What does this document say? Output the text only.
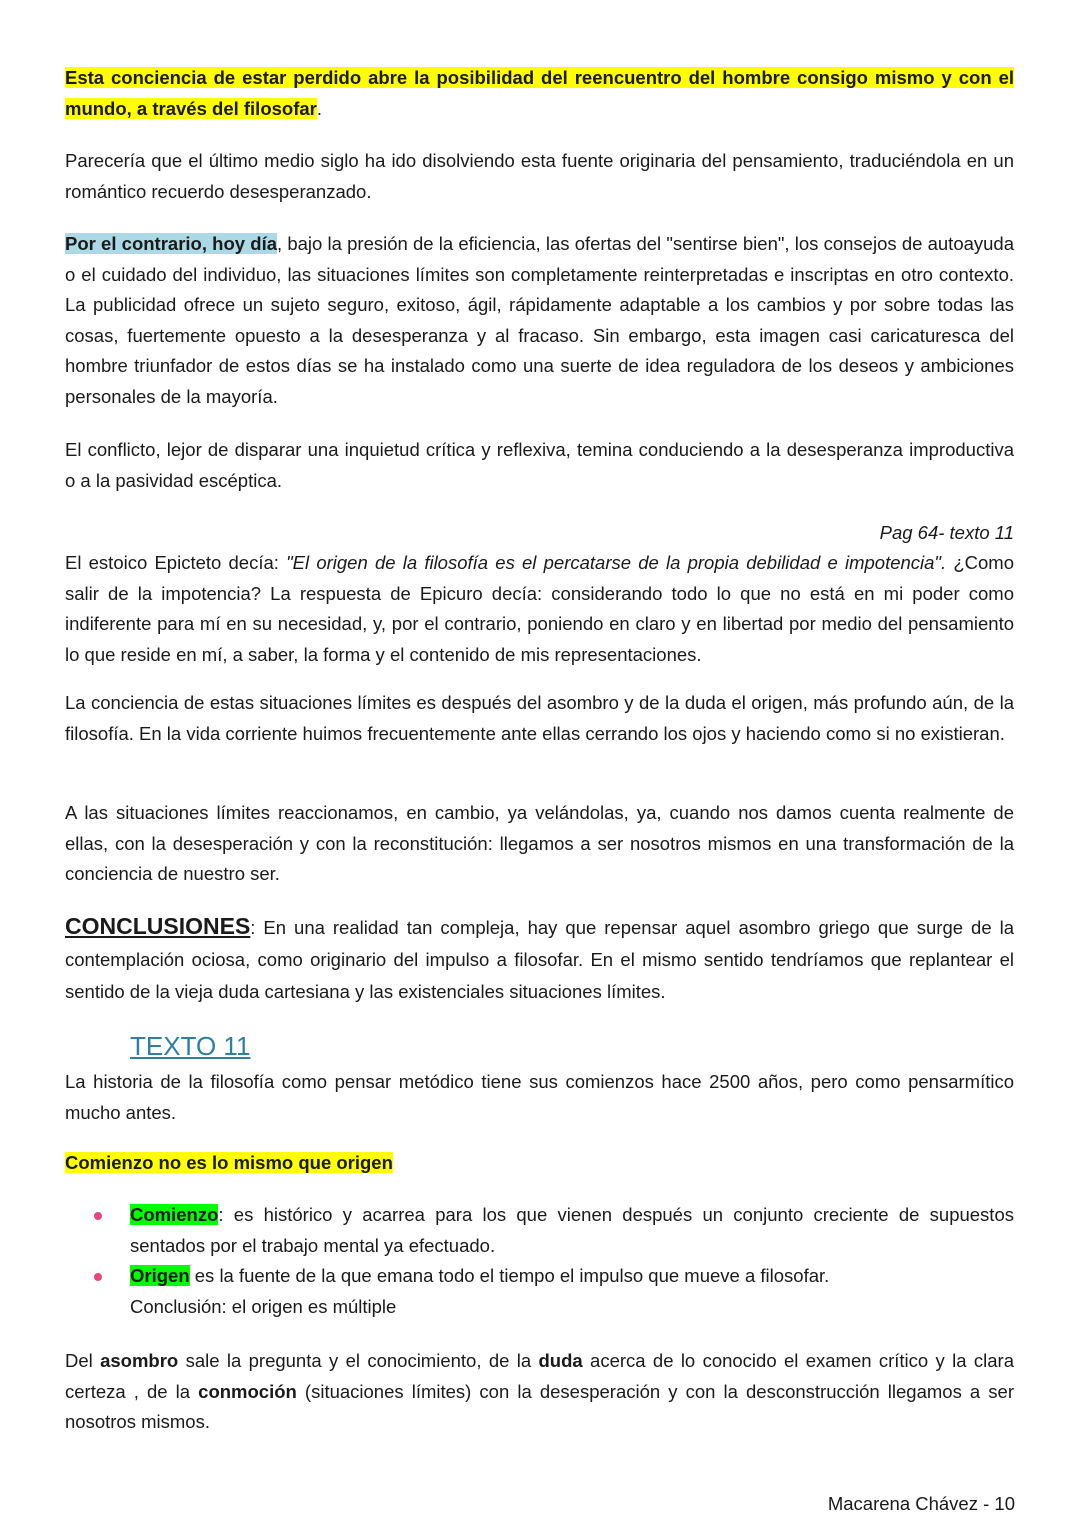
Esta conciencia de estar perdido abre la posibilidad del reencuentro del hombre consigo mismo y con el mundo, a través del filosofar.

Parecería que el último medio siglo ha ido disolviendo esta fuente originaria del pensamiento, traduciéndola en un romántico recuerdo desesperanzado.

Por el contrario, hoy día, bajo la presión de la eficiencia, las ofertas del "sentirse bien", los consejos de autoayuda o el cuidado del individuo, las situaciones límites son completamente reinterpretadas e inscriptas en otro contexto. La publicidad ofrece un sujeto seguro, exitoso, ágil, rápidamente adaptable a los cambios y por sobre todas las cosas, fuertemente opuesto a la desesperanza y al fracaso. Sin embargo, esta imagen casi caricaturesca del hombre triunfador de estos días se ha instalado como una suerte de idea reguladora de los deseos y ambiciones personales de la mayoría.

El conflicto, lejor de disparar una inquietud crítica y reflexiva, temina conduciendo a la desesperanza improductiva o a la pasividad escéptica.

Pag 64- texto 11

El estoico Epicteto decía: "El origen de la filosofía es el percatarse de la propia debilidad e impotencia". ¿Como salir de la impotencia? La respuesta de Epicuro decía: considerando todo lo que no está en mi poder como indiferente para mí en su necesidad, y, por el contrario, poniendo en claro y en libertad por medio del pensamiento lo que reside en mí, a saber, la forma y el contenido de mis representaciones.

La conciencia de estas situaciones límites es después del asombro y de la duda el origen, más profundo aún, de la filosofía. En la vida corriente huimos frecuentemente ante ellas cerrando los ojos y haciendo como si no existieran.

A las situaciones límites reaccionamos, en cambio, ya velándolas, ya, cuando nos damos cuenta realmente de ellas, con la desesperación y con la reconstitución: llegamos a ser nosotros mismos en una transformación de la conciencia de nuestro ser.

CONCLUSIONES: En una realidad tan compleja, hay que repensar aquel asombro griego que surge de la contemplación ociosa, como originario del impulso a filosofar. En el mismo sentido tendríamos que replantear el sentido de la vieja duda cartesiana y las existenciales situaciones límites.

TEXTO 11

La historia de la filosofía como pensar metódico tiene sus comienzos hace 2500 años, pero como pensarmítico mucho antes.

Comienzo no es lo mismo que origen

Comienzo: es histórico y acarrea para los que vienen después un conjunto creciente de supuestos sentados por el trabajo mental ya efectuado.
Origen es la fuente de la que emana todo el tiempo el impulso que mueve a filosofar.
Conclusión: el origen es múltiple

Del asombro sale la pregunta y el conocimiento, de la duda acerca de lo conocido el examen crítico y la clara certeza , de la conmoción (situaciones límites) con la desesperación y con la desconstrucción llegamos a ser nosotros mismos.

Macarena Chávez - 10
